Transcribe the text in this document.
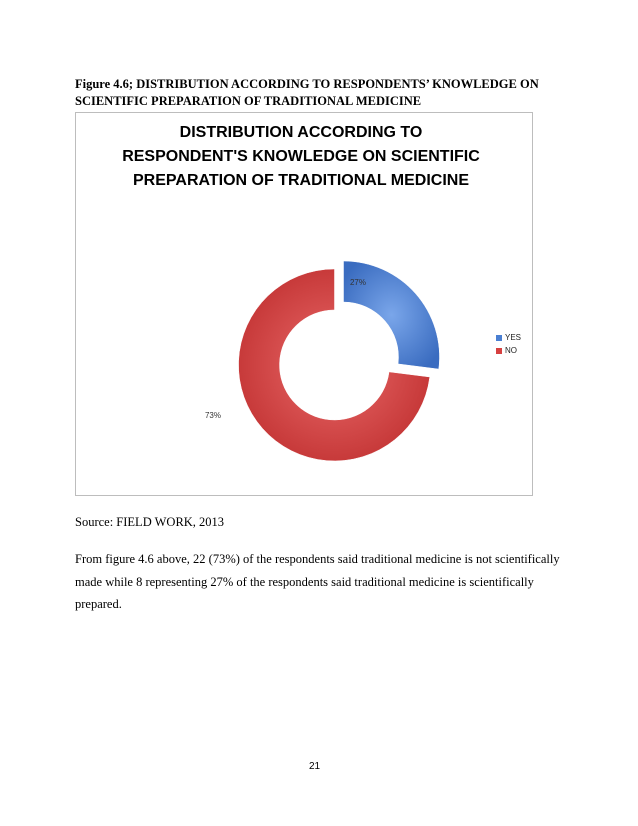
Figure 4.6; DISTRIBUTION ACCORDING TO RESPONDENTS’ KNOWLEDGE ON SCIENTIFIC PREPARATION OF TRADITIONAL MEDICINE

27%
73%
DISTRIBUTION ACCORDING TO RESPONDENT'S KNOWLEDGE ON SCIENTIFIC PREPARATION OF TRADITIONAL MEDICINE
YES
NO
Source: FIELD WORK, 2013

From figure 4.6 above, 22 (73%) of the respondents said traditional medicine is not scientifically made while 8 representing 27% of the respondents said traditional medicine is scientifically prepared.

21
